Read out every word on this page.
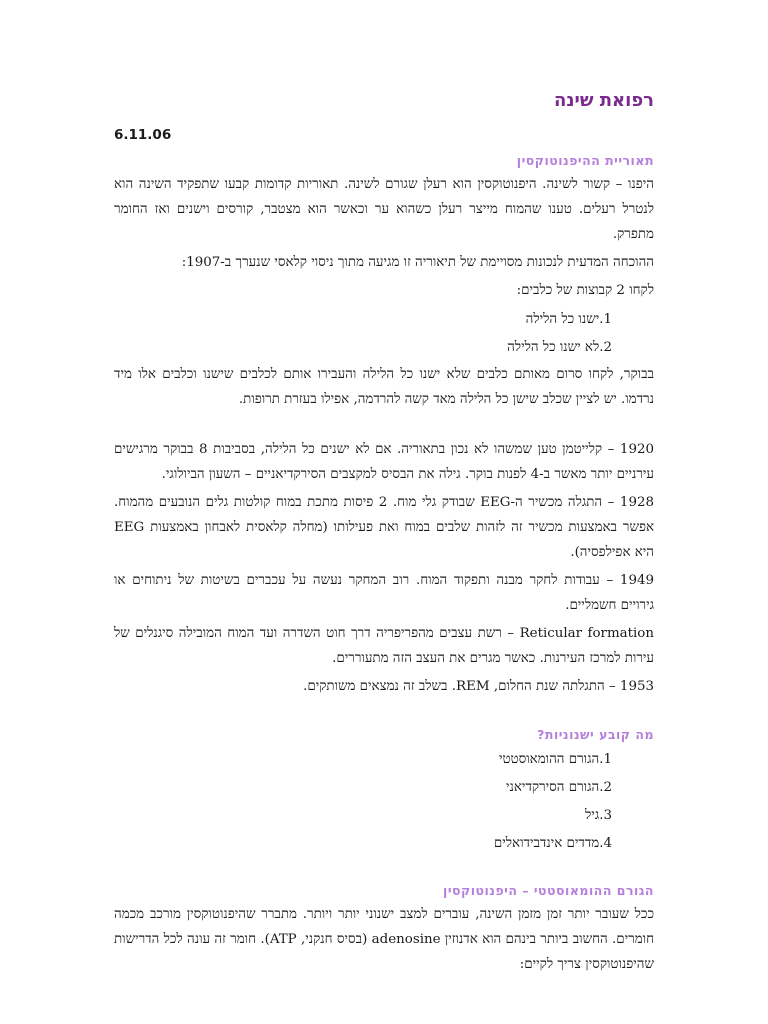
רפואת שינה
6.11.06
תאוריית ההיפנוטוקסין

היפנו – קשור לשינה. היפנוטוקסין הוא רעלן שגורם לשינה. תאוריות קדומות קבעו שתפקיד השינה הוא לנטרל רעלים. טענו שהמוח מייצר רעלן כשהוא ער וכאשר הוא מצטבר, קורסים וישנים ואז החומר מתפרק.

ההוכחה המדעית לנכונות מסויימת של תיאוריה זו מגיעה מתוך ניסוי קלאסי שנערך ב-1907:

לקחו 2 קבוצות של כלבים:

1.ישנו כל הלילה
2.לא ישנו כל הלילה

בבוקר, לקחו סרום מאותם כלבים שלא ישנו כל הלילה והעבירו אותם לכלבים שישנו וכלבים אלו מיד נרדמו. יש לציין שכלב שישן כל הלילה מאד קשה להרדמה, אפילו בעזרת תרופות.

1920 – קלייטמן טען שמשהו לא נכון בתאוריה. אם לא ישנים כל הלילה, בסביבות 8 בבוקר מרגישים עירניים יותר מאשר ב-4 לפנות בוקר. גילה את הבסיס למקצבים הסירקדיאניים – השעון הביולוגי.

1928 – התגלה מכשיר ה-EEG שבודק גלי מוח. 2 פיסות מתכת במוח קולטות גלים הנובעים מהמוח. אפשר באמצעות מכשיר זה לזהות שלבים במוח ואת פעילותו (מחלה קלאסית לאבחון באמצעות EEG היא אפילפסיה).

1949 – עבודות לחקר מבנה ותפקוד המוח. רוב המחקר נעשה על עכברים בשיטות של ניתוחים או גירויים חשמליים.

Reticular formation – רשת עצבים מהפריפריה דרך חוט השדרה ועד המוח המובילה סיגנלים של עירות למרכז העירנות. כאשר מגרים את העצב הזה מתעוררים.

1953 – התגלתה שנת החלום, REM. בשלב זה נמצאים משותקים.

מה קובע ישנוניות?
1.הגורם ההומאוסטטי
2.הגורם הסירקדיאני
3.גיל
4.מדדים אינדבידואלים
הגורם ההומאוסטטי – היפנוטוקסין

ככל שעובר יותר זמן מזמן השינה, עוברים למצב ישנוני יותר ויותר. מתברר שהיפנוטוקסין מורכב מכמה חומרים. החשוב ביותר בינהם הוא אדנוזין adenosine (בסיס חנקני, ATP). חומר זה עונה לכל הדרישות שהיפנוטוקסין צריך לקיים:
